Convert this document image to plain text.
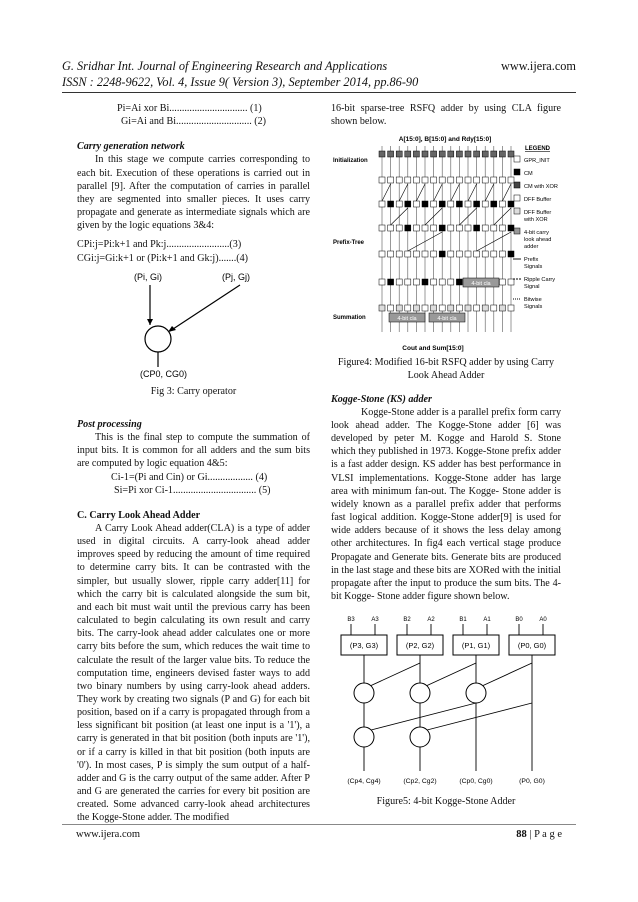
G. Sridhar Int. Journal of Engineering Research and Applications	www.ijera.com
ISSN : 2248-9622, Vol. 4, Issue 9( Version 3), September 2014, pp.86-90

Pi=Ai xor Bi............................... (1)

Gi=Ai and Bi.............................. (2)

Carry generation network

In this stage we compute carries corresponding to each bit. Execution of these operations is carried out in parallel [9]. After the computation of carries in parallel they are segmented into smaller pieces. It uses carry propagate and generate as intermediate signals which are given by the logic equations 3&4:

CPi:j=Pi:k+1 and Pk:j.........................(3)

CGi:j=Gi:k+1 or (Pi:k+1 and Gk:j).......(4)

(Pi, Gi)	(Pj, Gj)
(CP0, CG0)

Fig 3: Carry operator

Post processing

This is the final step to compute the summation of input bits. It is common for all adders and the sum bits are computed by logic equation 4&5:

Ci-1=(Pi and Cin) or Gi.................. (4)

Si=Pi xor Ci-1................................. (5)

C. Carry Look Ahead Adder

A Carry Look Ahead adder(CLA) is a type of adder used in digital circuits. A carry-look ahead adder improves speed by reducing the amount of time required to determine carry bits. It can be contrasted with the simpler, but usually slower, ripple carry adder[11] for which the carry bit is calculated alongside the sum bit, and each bit must wait until the previous carry has been calculated to begin calculating its own result and carry bits. The carry-look ahead adder calculates one or more carry bits before the sum, which reduces the wait time to calculate the result of the larger value bits. To reduce the computation time, engineers devised faster ways to add two binary numbers by using carry-look ahead adders. They work by creating two signals (P and G) for each bit position, based on if a carry is propagated through from a less significant bit position (at least one input is a '1'), a carry is generated in that bit position (both inputs are '1'), or if a carry is killed in that bit position (both inputs are '0'). In most cases, P is simply the sum output of a half-adder and G is the carry output of the same adder. After P and G are generated the carries for every bit position are created. Some advanced carry-look ahead architectures the Kogge-Stone adder. The modified

16-bit sparse-tree RSFQ adder by using CLA figure shown below.

A[15:0], B[15:0] and Rdy[15:0]
Initialization
Prefix-Tree
Summation
4-bit cla
4-bit cla	4-bit cla
Cout and Sum[15:0]
LEGEND
GPR_INIT
CM
CM with XOR
DFF Buffer
DFF Buffer
with XOR
4-bit carry
look ahead
adder
Prefix
Signals
Ripple Carry
Signal
Bitwise
Signals

Figure4: Modified 16-bit RSFQ adder by using Carry Look Ahead Adder

Kogge-Stone (KS) adder

Kogge-Stone adder is a parallel prefix form carry look ahead adder. The Kogge-Stone adder [6] was developed by peter M. Kogge and Harold S. Stone which they published in 1973. Kogge-Stone prefix adder is a fast adder design. KS adder has best performance in VLSI implementations. Kogge-Stone adder has large area with minimum fan-out. The Kogge- Stone adder is widely known as a parallel prefix adder that performs fast logical addition. Kogge-Stone adder[9] is used for wide adders because of it shows the less delay among other architectures. In fig4 each vertical stage produce Propagate and Generate bits. Generate bits are produced in the last stage and these bits are XORed with the initial propagate after the input to produce the sum bits. The 4-bit Kogge- Stone adder figure shown below.

B3	A3	B2	A2	B1	A1	B0	A0
(P3, G3)	(P2, G2)	(P1, G1)	(P0, G0)
(Cp4, Cg4)	(Cp2, Cg2)	(Cp0, Cg0)	(P0, G0)

Figure5: 4-bit Kogge-Stone Adder

www.ijera.com	88 | P a g e
